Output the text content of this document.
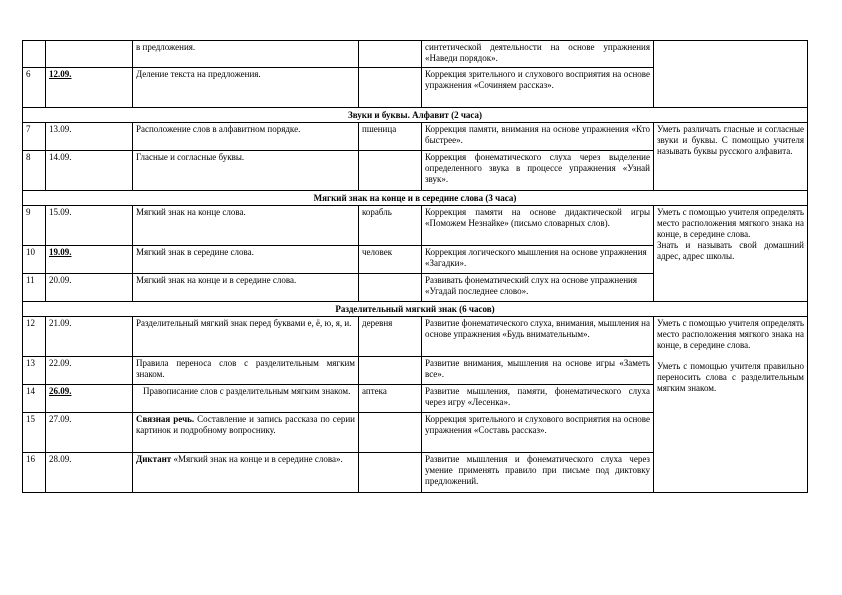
		в предложения.		синтетической деятельности на основе упражнения «Наведи порядок».	
6	12.09.	Деление текста на предложения.		Коррекция зрительного и слухового восприятия на основе упражнения «Сочиняем рассказ».	
Звуки и буквы. Алфавит (2 часа)					
7	13.09.	Расположение слов в алфавитном порядке.	пшеница	Коррекция памяти, внимания на основе упражнения «Кто быстрее».	Уметь различать гласные и согласные звуки и буквы. С помощью учителя называть буквы русского алфавита.
8	14.09.	Гласные и согласные буквы.		Коррекция фонематического слуха через выделение определенного звука в процессе упражнения «Узнай звук».	
Мягкий знак на конце и в середине слова (3 часа)					
9	15.09.	Мягкий знак на конце слова.	корабль	Коррекция памяти на основе дидактической игры «Поможем Незнайке» (письмо словарных слов).	Уметь с помощью учителя определять место расположения мягкого знака на конце, в середине слова.
Знать и называть свой домашний адрес, адрес школы.

10	19.09.	Мягкий знак в середине слова.	человек	Коррекция логического мышления на основе упражнения «Загадки».	
11	20.09.	Мягкий знак на конце и в середине слова.		Развивать фонематический слух на основе упражнения «Угадай последнее слово».	
Разделительный мягкий знак (6 часов)					
12	21.09.	Разделительный мягкий знак перед буквами е, ё, ю, я, и.	деревня	Развитие фонематического слуха, внимания, мышления на основе упражнения «Будь внимательным».	Уметь с помощью учителя определять место расположения мягкого знака на конце, в середине слова.
Уметь с помощью учителя правильно переносить слова с разделительным мягким знаком.

13	22.09.	Правила переноса слов с разделительным мягким знаком.		Развитие внимания, мышления на основе игры «Заметь все».	
14	26.09.	Правописание слов с разделительным мягким знаком.	аптека	Развитие мышления, памяти, фонематического слуха через игру «Лесенка».	
15	27.09.	Связная речь. Составление и запись рассказа по серии картинок и подробному вопроснику.		Коррекция зрительного и слухового восприятия на основе упражнения «Составь рассказ».	
16	28.09.	Диктант «Мягкий знак на конце и в середине слова».		Развитие мышления и фонематического слуха через умение применять правило при письме под диктовку предложений.	
